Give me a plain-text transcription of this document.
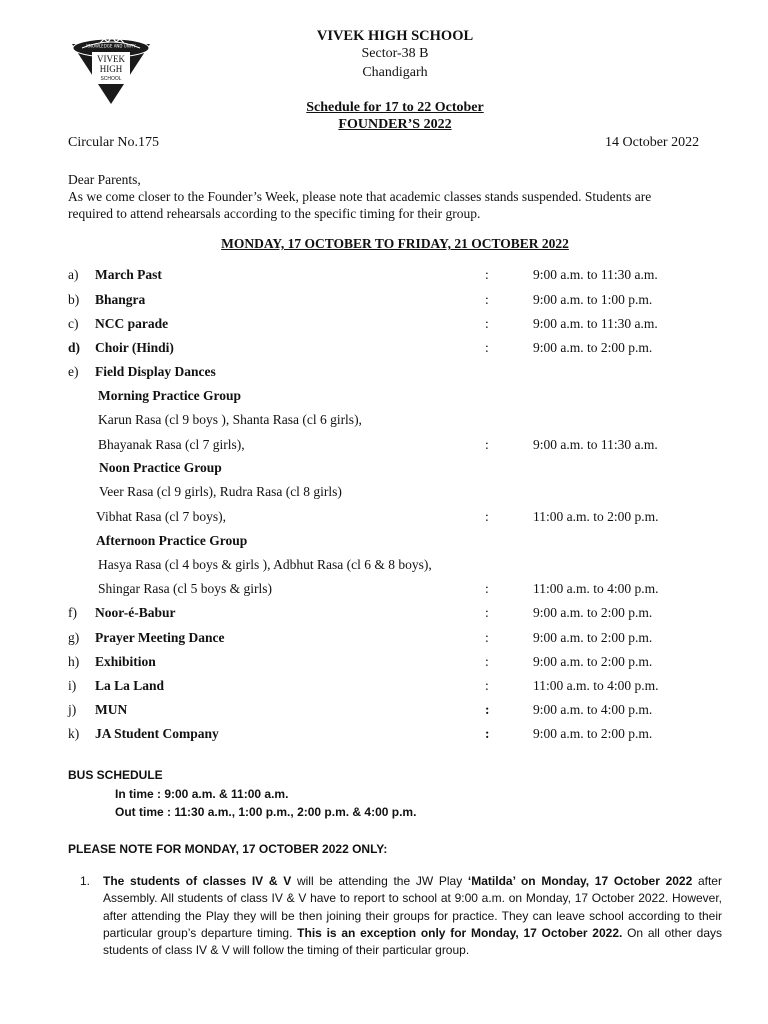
KNOWLEDGE AND UNITY
VIVEK
HIGH
SCHOOL
VIVEK HIGH SCHOOL
Sector-38 B
Chandigarh
Schedule for 17 to 22 October
FOUNDER’S 2022
Circular No.175	14 October 2022
Dear Parents,
As we come closer to the Founder’s Week, please note that academic classes stands suspended. Students are
required to attend rehearsals according to the specific timing for their group.
MONDAY, 17 OCTOBER TO FRIDAY, 21 OCTOBER 2022
a) March Past	:	9:00 a.m. to 11:30 a.m.
b) Bhangra	:	9:00 a.m. to 1:00 p.m.
c) NCC parade	:	9:00 a.m. to 11:30 a.m.
d) Choir (Hindi)	:	9:00 a.m. to 2:00 p.m.
e) Field Display Dances
Morning Practice Group
Karun Rasa (cl 9 boys ), Shanta Rasa (cl 6 girls),
Bhayanak Rasa (cl 7 girls),	:	9:00 a.m. to 11:30 a.m.
Noon Practice Group
Veer Rasa (cl 9 girls), Rudra Rasa (cl 8 girls)
Vibhat Rasa (cl 7 boys),	:	11:00 a.m. to 2:00 p.m.
Afternoon Practice Group
Hasya Rasa (cl 4 boys & girls ), Adbhut Rasa (cl 6 & 8 boys),
Shingar Rasa (cl 5 boys & girls)	:	11:00 a.m. to 4:00 p.m.
f) Noor-é-Babur	:	9:00 a.m. to 2:00 p.m.
g) Prayer Meeting Dance	:	9:00 a.m. to 2:00 p.m.
h) Exhibition	:	9:00 a.m. to 2:00 p.m.
i) La La Land	:	11:00 a.m. to 4:00 p.m.
j) MUN	:	9:00 a.m. to 4:00 p.m.
k) JA Student Company	:	9:00 a.m. to 2:00 p.m.
BUS SCHEDULE
In time : 9:00 a.m. & 11:00 a.m.
Out time : 11:30 a.m., 1:00 p.m., 2:00 p.m. & 4:00 p.m.
PLEASE NOTE FOR MONDAY, 17 OCTOBER 2022 ONLY:
1. The students of classes IV & V will be attending the JW Play ‘Matilda’ on Monday, 17 October 2022 after Assembly. All students of class IV & V have to report to school at 9:00 a.m. on Monday, 17 October 2022. However, after attending the Play they will be then joining their groups for practice. They can leave school according to their particular group’s departure timing. This is an exception only for Monday, 17 October 2022. On all other days students of class IV & V will follow the timing of their particular group.
